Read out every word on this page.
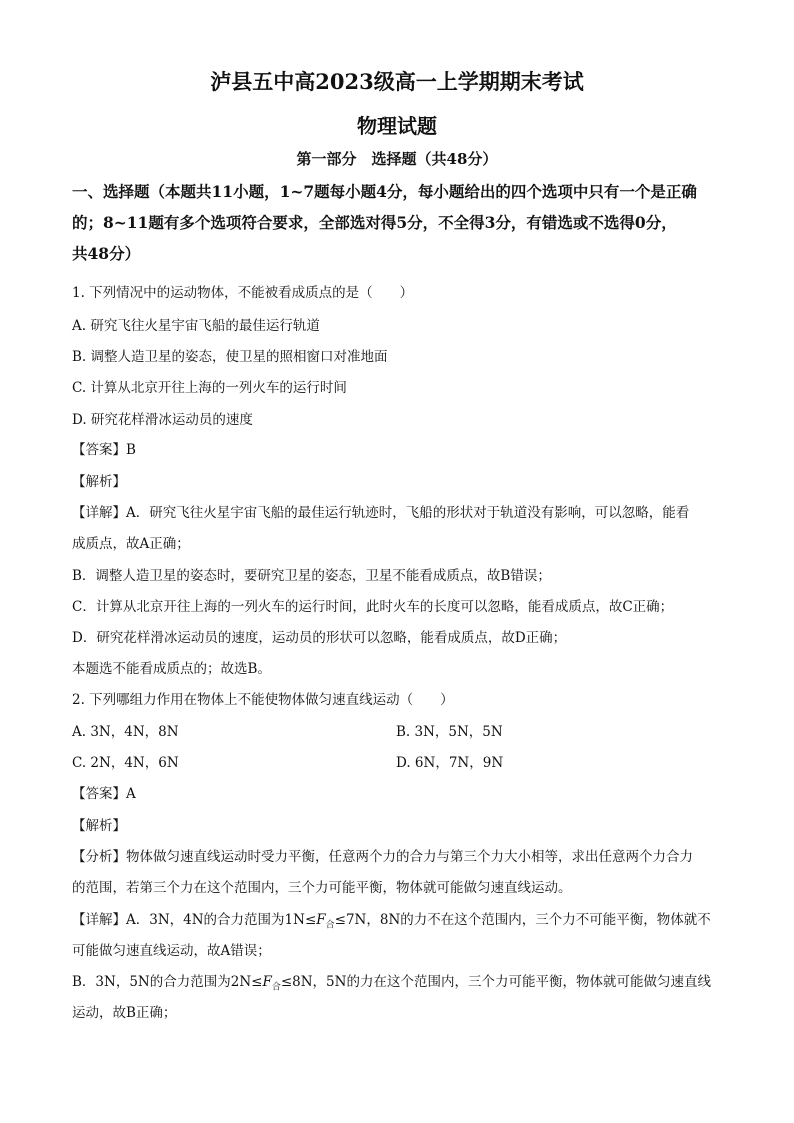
泸县五中高2023级高一上学期期末考试
物理试题
第一部分　选择题（共48分）
一、选择题（本题共11小题，1~7题每小题4分，每小题给出的四个选项中只有一个是正确
的；8~11题有多个选项符合要求，全部选对得5分，不全得3分，有错选或不选得0分，
共48分）
1. 下列情况中的运动物体，不能被看成质点的是（　　）
A. 研究飞往火星宇宙飞船的最佳运行轨道
B. 调整人造卫星的姿态，使卫星的照相窗口对准地面
C. 计算从北京开往上海的一列火车的运行时间
D. 研究花样滑冰运动员的速度
【答案】B
【解析】
【详解】A．研究飞往火星宇宙飞船的最佳运行轨迹时，飞船的形状对于轨道没有影响，可以忽略，能看
成质点，故A正确；
B．调整人造卫星的姿态时，要研究卫星的姿态，卫星不能看成质点，故B错误；
C．计算从北京开往上海的一列火车的运行时间，此时火车的长度可以忽略，能看成质点，故C正确；
D．研究花样滑冰运动员的速度，运动员的形状可以忽略，能看成质点，故D正确；
本题选不能看成质点的；故选B。
2. 下列哪组力作用在物体上不能使物体做匀速直线运动（　　）
A. 3N，4N，8N	B. 3N，5N，5N
C. 2N，4N，6N	D. 6N，7N，9N
【答案】A
【解析】
【分析】物体做匀速直线运动时受力平衡，任意两个力的合力与第三个力大小相等，求出任意两个力合力
的范围，若第三个力在这个范围内，三个力可能平衡，物体就可能做匀速直线运动。
【详解】A．3N，4N的合力范围为$1N\le F_合\le 7N$，8N的力不在这个范围内，三个力不可能平衡，物体就不
可能做匀速直线运动，故A错误；
B．3N，5N的合力范围为$2N\le F_合\le 8N$，5N的力在这个范围内，三个力可能平衡，物体就可能做匀速直线
运动，故B正确；
